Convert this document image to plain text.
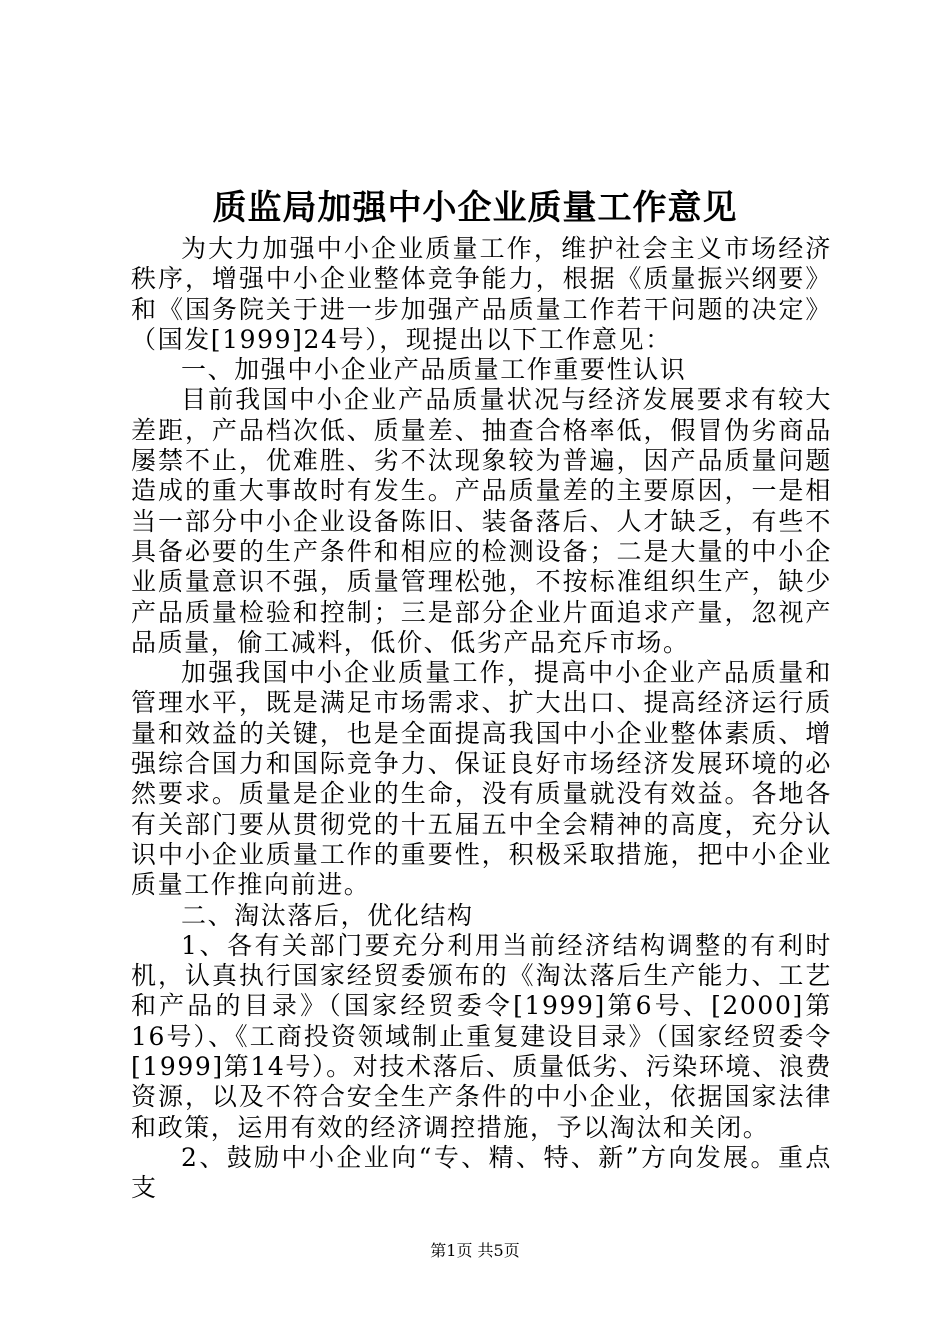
质监局加强中小企业质量工作意见

为大力加强中小企业质量工作，维护社会主义市场经济秩序，增强中小企业整体竞争能力，根据《质量振兴纲要》和《国务院关于进一步加强产品质量工作若干问题的决定》（国发[1999]24号），现提出以下工作意见：

一、加强中小企业产品质量工作重要性认识

目前我国中小企业产品质量状况与经济发展要求有较大差距，产品档次低、质量差、抽查合格率低，假冒伪劣商品屡禁不止，优难胜、劣不汰现象较为普遍，因产品质量问题造成的重大事故时有发生。产品质量差的主要原因，一是相当一部分中小企业设备陈旧、装备落后、人才缺乏，有些不具备必要的生产条件和相应的检测设备；二是大量的中小企业质量意识不强，质量管理松弛，不按标准组织生产，缺少产品质量检验和控制；三是部分企业片面追求产量，忽视产品质量，偷工减料，低价、低劣产品充斥市场。

加强我国中小企业质量工作，提高中小企业产品质量和管理水平，既是满足市场需求、扩大出口、提高经济运行质量和效益的关键，也是全面提高我国中小企业整体素质、增强综合国力和国际竞争力、保证良好市场经济发展环境的必然要求。质量是企业的生命，没有质量就没有效益。各地各有关部门要从贯彻党的十五届五中全会精神的高度，充分认识中小企业质量工作的重要性，积极采取措施，把中小企业质量工作推向前进。

二、淘汰落后，优化结构

1、各有关部门要充分利用当前经济结构调整的有利时机，认真执行国家经贸委颁布的《淘汰落后生产能力、工艺和产品的目录》（国家经贸委令[1999]第6号、[2000]第16号）、《工商投资领域制止重复建设目录》（国家经贸委令[1999]第14号）。对技术落后、质量低劣、污染环境、浪费资源，以及不符合安全生产条件的中小企业，依据国家法律和政策，运用有效的经济调控措施，予以淘汰和关闭。

2、鼓励中小企业向“专、精、特、新”方向发展。重点支

第1页 共5页
